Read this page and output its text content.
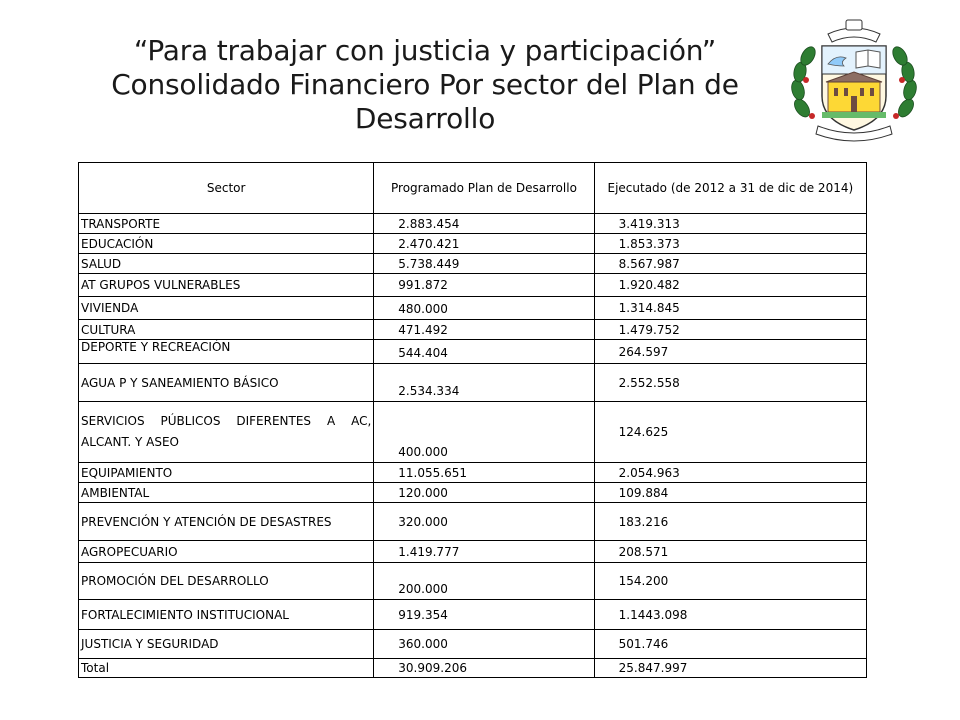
“Para trabajar con justicia y participación”
Consolidado Financiero Por sector del Plan de
Desarrollo
Sector	Programado Plan de Desarrollo	Ejecutado (de 2012 a 31 de dic de 2014)
TRANSPORTE	2.883.454	3.419.313
EDUCACIÓN	2.470.421	1.853.373
SALUD	5.738.449	8.567.987
AT GRUPOS VULNERABLES	991.872	1.920.482
VIVIENDA	480.000	1.314.845
CULTURA	471.492	1.479.752
DEPORTE Y RECREACIÓN	544.404	264.597
AGUA P Y SANEAMIENTO BÁSICO	2.534.334	2.552.558
SERVICIOS PÚBLICOS DIFERENTES A AC, ALCANT. Y ASEO	400.000	124.625
EQUIPAMIENTO	11.055.651	2.054.963
AMBIENTAL	120.000	109.884
PREVENCIÓN Y ATENCIÓN DE DESASTRES	320.000	183.216
AGROPECUARIO	1.419.777	208.571
PROMOCIÓN DEL DESARROLLO	200.000	154.200
FORTALECIMIENTO INSTITUCIONAL	919.354	1.1443.098
JUSTICIA Y SEGURIDAD	360.000	501.746
Total	30.909.206	25.847.997
